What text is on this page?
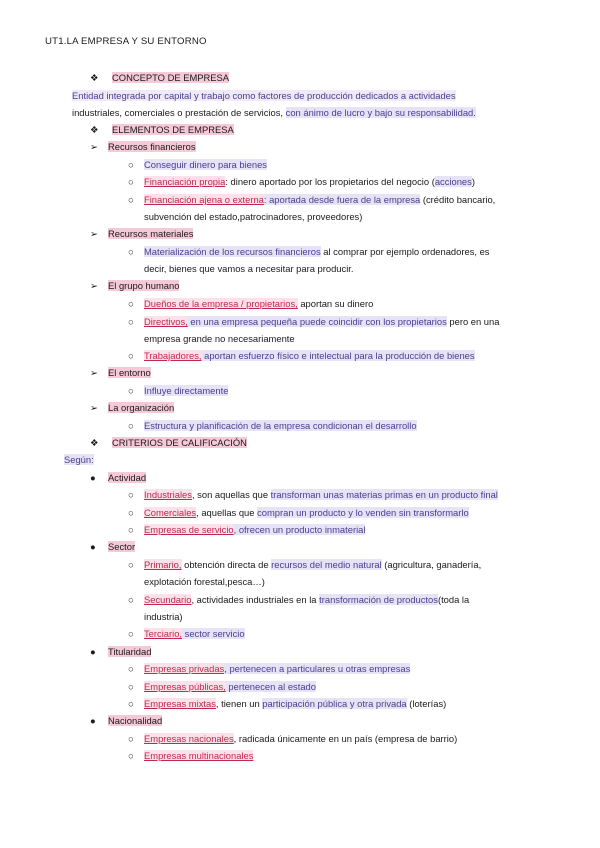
UT1.LA EMPRESA Y SU ENTORNO
❖ CONCEPTO DE EMPRESA
Entidad integrada por capital y trabajo como factores de producción dedicados a actividades
industriales, comerciales o prestación de servicios, con ánimo de lucro y bajo su responsabilidad.
❖ ELEMENTOS DE EMPRESA
➢ Recursos financieros
○ Conseguir dinero para bienes
○ Financiación propia: dinero aportado por los propietarios del negocio (acciones)
○ Financiación ajena o externa: aportada desde fuera de la empresa (crédito bancario,
subvención del estado,patrocinadores, proveedores)
➢ Recursos materiales
○ Materialización de los recursos financieros al comprar por ejemplo ordenadores, es
decir, bienes que vamos a necesitar para producir.
➢ El grupo humano
○ Dueños de la empresa / propietarios, aportan su dinero
○ Directivos, en una empresa pequeña puede coincidir con los propietarios pero en una
empresa grande no necesariamente
○ Trabajadores, aportan esfuerzo físico e intelectual para la producción de bienes
➢ El entorno
○ Influye directamente
➢ La organización
○ Estructura y planificación de la empresa condicionan el desarrollo
❖ CRITERIOS DE CALIFICACIÓN
Según:
● Actividad
○ Industriales, son aquellas que transforman unas materias primas en un producto final
○ Comerciales, aquellas que compran un producto y lo venden sin transformarlo
○ Empresas de servicio, ofrecen un producto inmaterial
● Sector
○ Primario, obtención directa de recursos del medio natural (agricultura, ganadería,
explotación forestal,pesca…)
○ Secundario, actividades industriales en la transformación de productos(toda la
industria)
○ Terciario, sector servicio
● Titularidad
○ Empresas privadas, pertenecen a particulares u otras empresas
○ Empresas públicas, pertenecen al estado
○ Empresas mixtas, tienen un participación pública y otra privada (loterías)
● Nacionalidad
○ Empresas nacionales, radicada únicamente en un país (empresa de barrio)
○ Empresas multinacionales
